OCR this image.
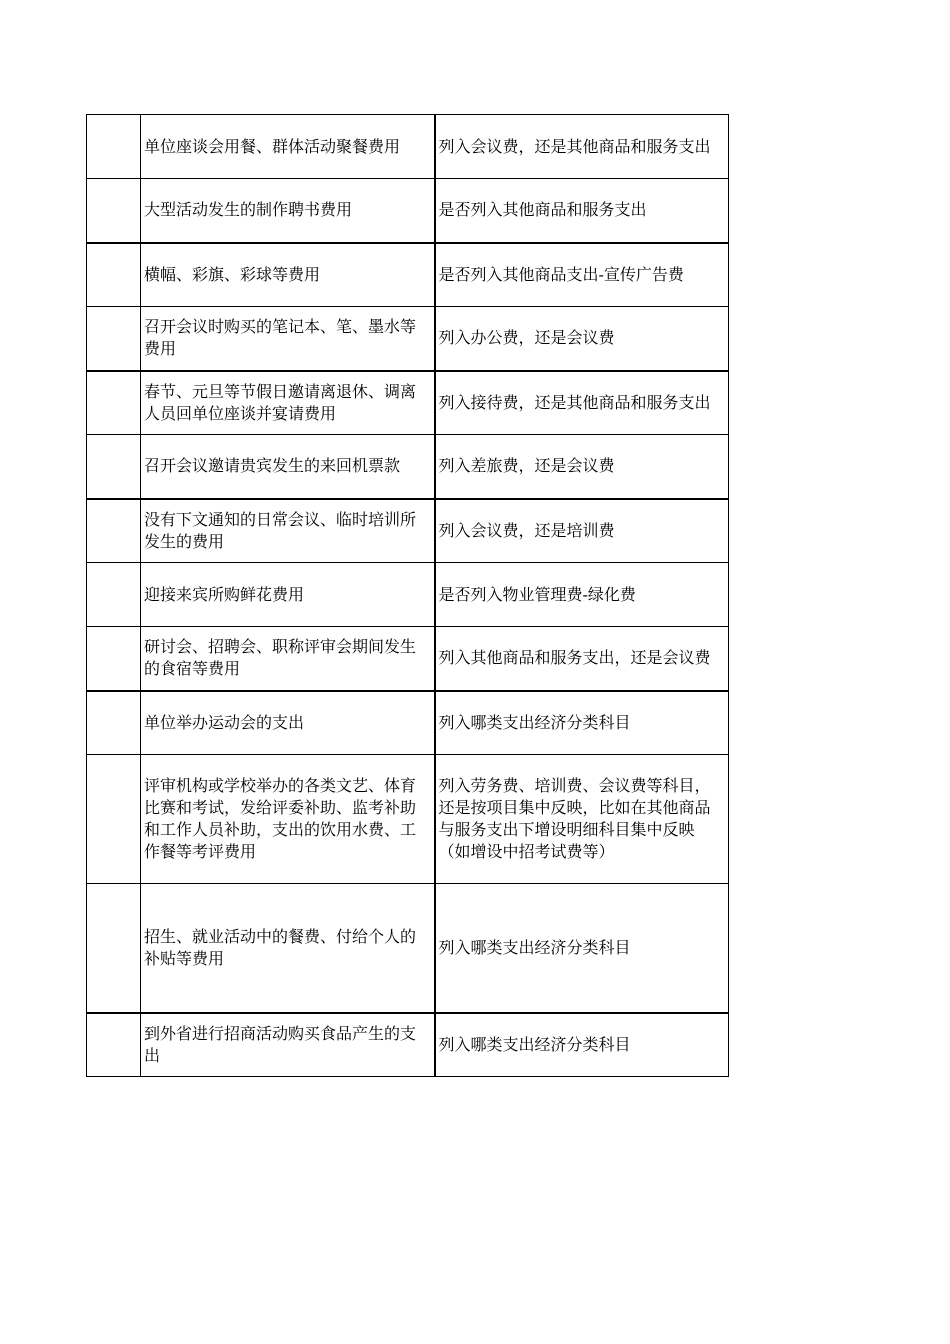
	单位座谈会用餐、群体活动聚餐费用	列入会议费，还是其他商品和服务支出
	大型活动发生的制作聘书费用	是否列入其他商品和服务支出
	横幅、彩旗、彩球等费用	是否列入其他商品支出-宣传广告费
	召开会议时购买的笔记本、笔、墨水等费用	列入办公费，还是会议费
	春节、元旦等节假日邀请离退休、调离人员回单位座谈并宴请费用	列入接待费，还是其他商品和服务支出
	召开会议邀请贵宾发生的来回机票款	列入差旅费，还是会议费
	没有下文通知的日常会议、临时培训所发生的费用	列入会议费，还是培训费
	迎接来宾所购鲜花费用	是否列入物业管理费-绿化费
	研讨会、招聘会、职称评审会期间发生的食宿等费用	列入其他商品和服务支出，还是会议费
	单位举办运动会的支出	列入哪类支出经济分类科目
	评审机构或学校举办的各类文艺、体育比赛和考试，发给评委补助、监考补助和工作人员补助，支出的饮用水费、工作餐等考评费用	列入劳务费、培训费、会议费等科目，还是按项目集中反映，比如在其他商品与服务支出下增设明细科目集中反映（如增设中招考试费等）
	招生、就业活动中的餐费、付给个人的补贴等费用	列入哪类支出经济分类科目
	到外省进行招商活动购买食品产生的支出	列入哪类支出经济分类科目
